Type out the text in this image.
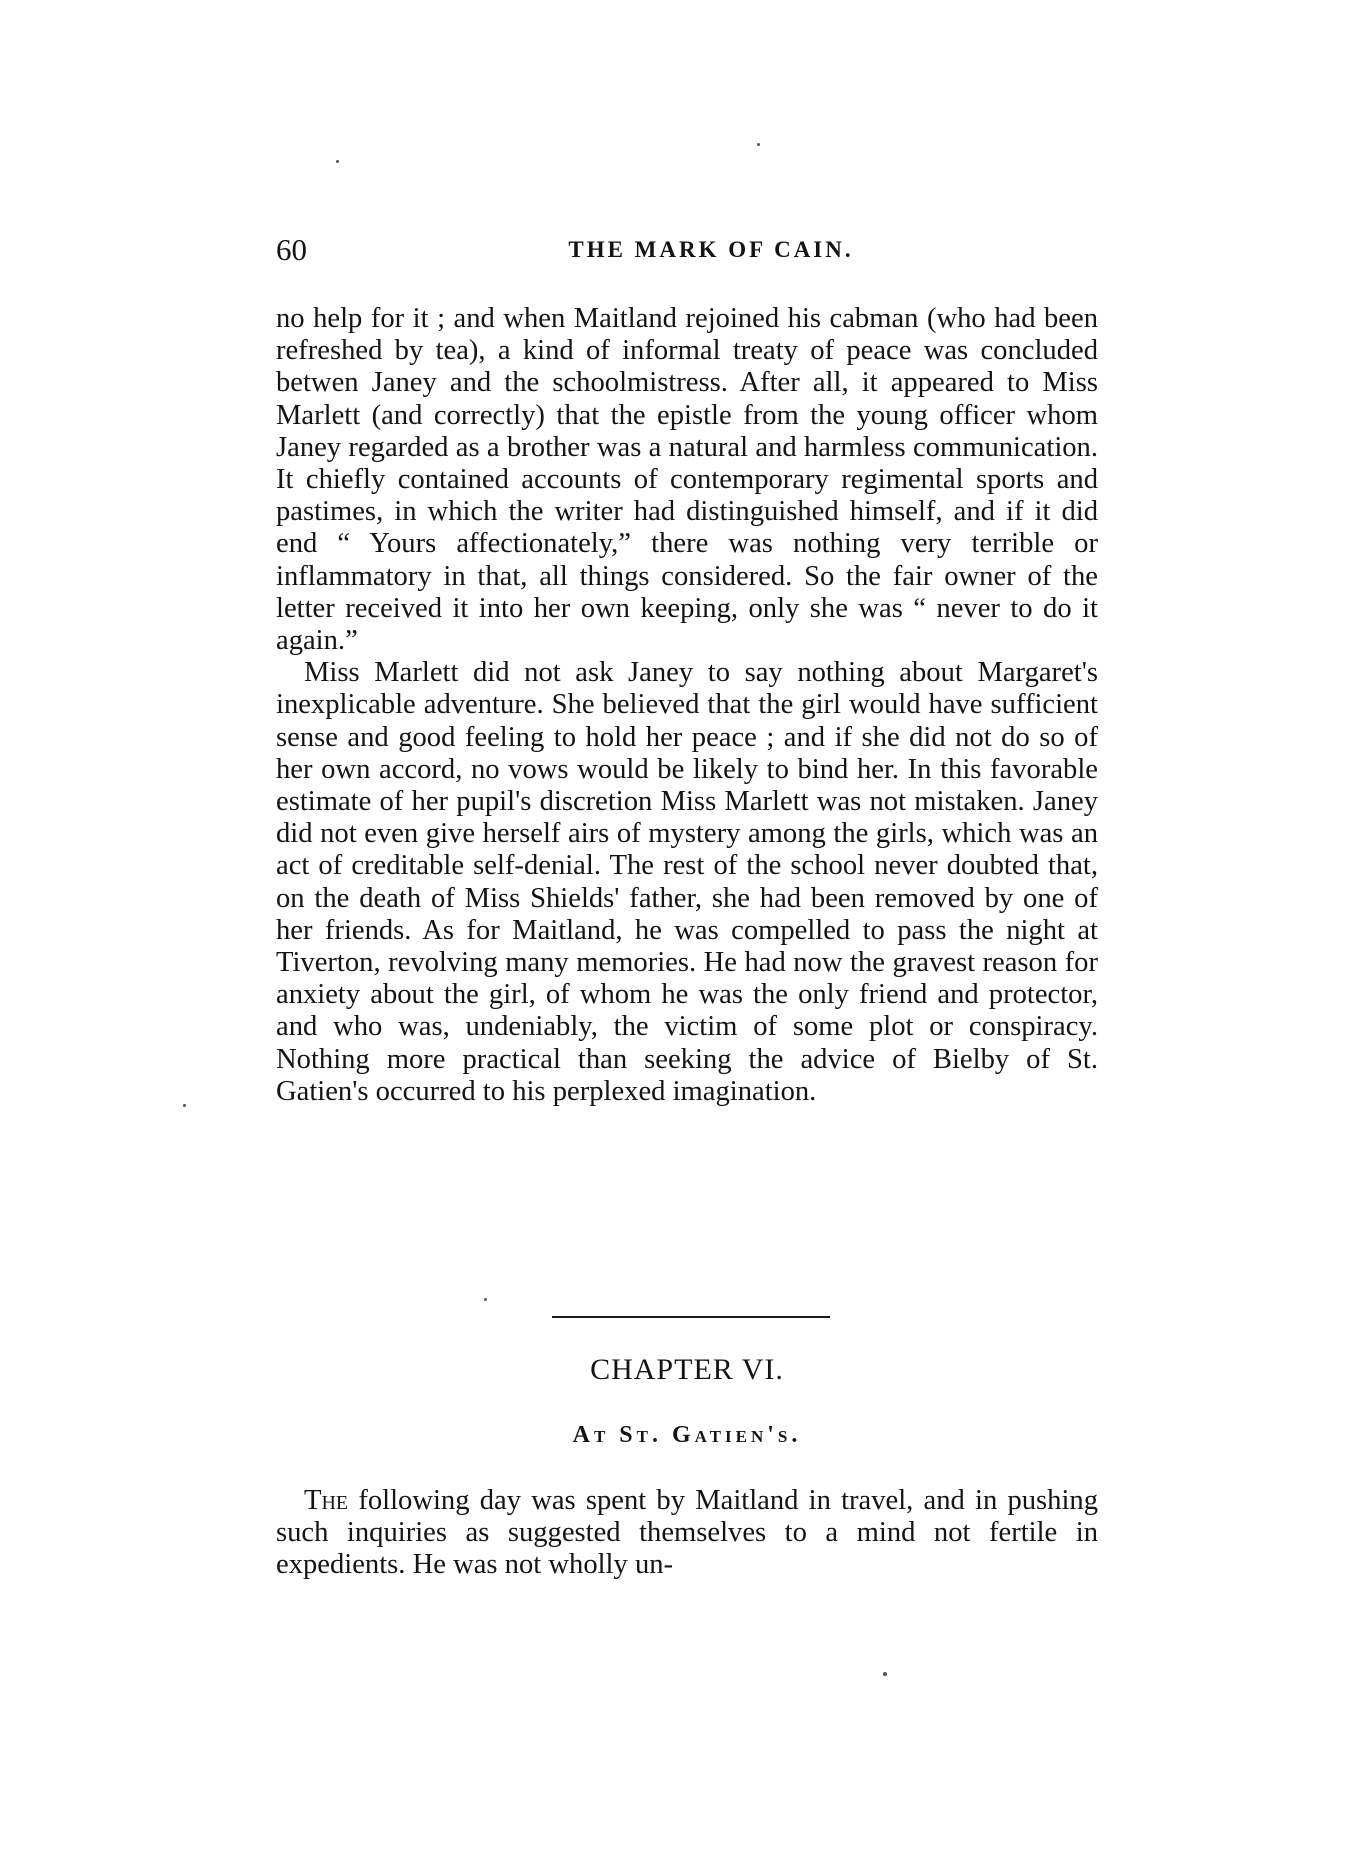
60	THE MARK OF CAIN.

no help for it ; and when Maitland rejoined his cabman (who had been refreshed by tea), a kind of informal treaty of peace was concluded betwen Janey and the schoolmistress. After all, it appeared to Miss Marlett (and correctly) that the epistle from the young officer whom Janey regarded as a brother was a natural and harmless communication. It chiefly contained accounts of contemporary regimental sports and pastimes, in which the writer had distinguished himself, and if it did end “ Yours affectionately,” there was nothing very terrible or inflammatory in that, all things considered. So the fair owner of the letter received it into her own keeping, only she was “ never to do it again.”

Miss Marlett did not ask Janey to say nothing about Margaret's inexplicable adventure. She believed that the girl would have sufficient sense and good feeling to hold her peace ; and if she did not do so of her own accord, no vows would be likely to bind her. In this favorable estimate of her pupil's discretion Miss Marlett was not mistaken. Janey did not even give herself airs of mystery among the girls, which was an act of creditable self-denial. The rest of the school never doubted that, on the death of Miss Shields' father, she had been removed by one of her friends. As for Maitland, he was compelled to pass the night at Tiverton, revolving many memories. He had now the gravest reason for anxiety about the girl, of whom he was the only friend and protector, and who was, undeniably, the victim of some plot or conspiracy. Nothing more practical than seeking the advice of Bielby of St. Gatien's occurred to his perplexed imagination.

CHAPTER VI.
At St. Gatien's.

The following day was spent by Maitland in travel, and in pushing such inquiries as suggested themselves to a mind not fertile in expedients. He was not wholly un-
